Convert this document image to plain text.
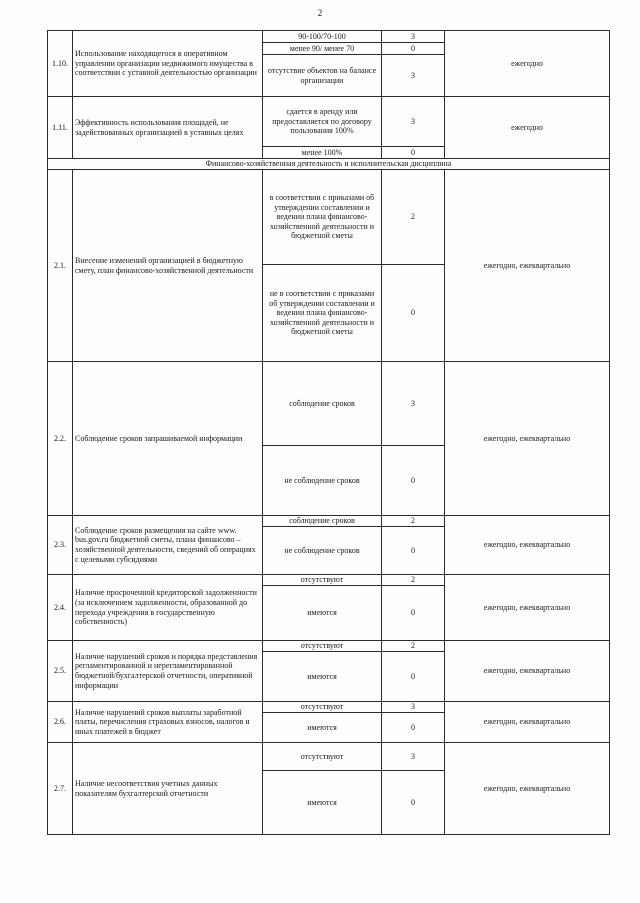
2
1.10.	Использование находящегося в оперативном управлении организации недвижимого имущества в соответствии с уставной деятельностью организации	90-100/70-100	3	ежегодно
		менее 90/ менее 70	0	
		отсутствие объектов на балансе организации	3	
1.11.	Эффективность использования площадей, не задействованных организацией в уставных целях	сдается в аренду или предоставляется по договору пользования 100%	3	ежегодно
		менее 100%	0	
Финансово-хозяйственная деятельность и исполнительская дисциплина				
2.1.	Внесение изменений организацией в бюджетную смету, план финансово-хозяйственной деятельности	в соответствии с приказами об утверждении составлении и ведении плана финансово-хозяйственной деятельности и бюджетной сметы	2	ежегодно, ежеквартально
		не в соответствии с приказами об утверждении составлении и ведении плана финансово-хозяйственной деятельности и бюджетной сметы	0	
2.2.	Соблюдение сроков запрашиваемой информации	соблюдение сроков	3	ежегодно, ежеквартально
		не соблюдение сроков	0	
2.3.	Соблюдение сроков размещения на сайте www. bus.gov.ru бюджетной сметы, плана финансово – хозяйственной деятельности, сведений об операциях с целевыми субсидиями	соблюдение сроков	2	ежегодно, ежеквартально
		не соблюдение сроков	0	
2.4.	Наличие просроченной кредиторской задолженности (за исключением задолженности, образованной до перехода учреждения в государственную собственность)	отсутствуют	2	ежегодно, ежеквартально
		имеются	0	
2.5.	Наличие нарушений сроков и порядка представления регламентированной и нерегламентированной бюджетной/бухгалтерской отчетности, оперативной информации	отсутствуют	2	ежегодно, ежеквартально
		имеются	0	
2.6.	Наличие нарушений сроков выплаты заработной платы, перечисления страховых взносов, налогов и иных платежей в бюджет	отсутствуют	3	ежегодно, ежеквартально
		имеются	0	
2.7.	Наличие несоответствия учетных данных показателям бухгалтерской отчетности	отсутствуют	3	ежегодно, ежеквартально
		имеются	0	
